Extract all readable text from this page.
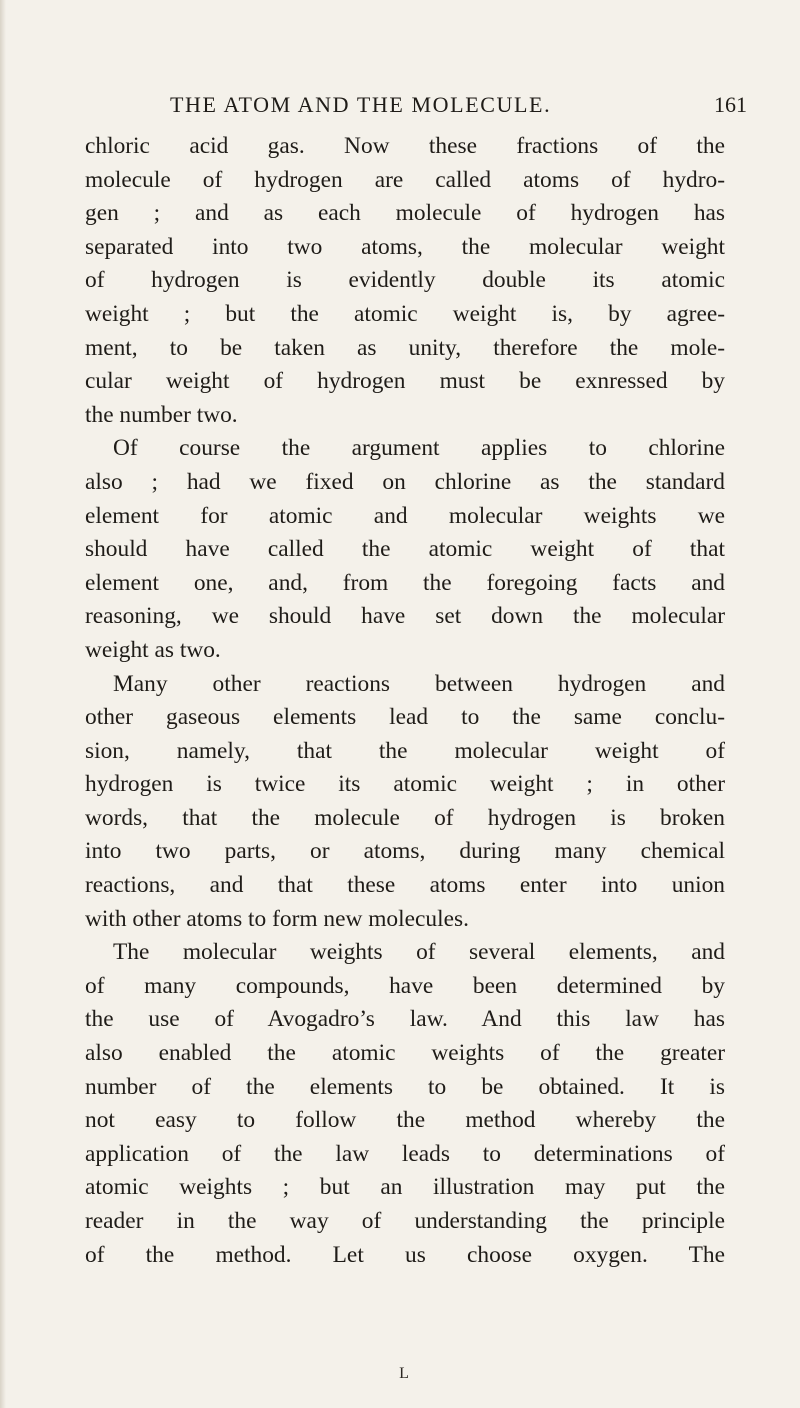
THE ATOM AND THE MOLECULE.	161
chloric acid gas. Now these fractions of the
molecule of hydrogen are called atoms of hydro-
gen ; and as each molecule of hydrogen has
separated into two atoms, the molecular weight
of hydrogen is evidently double its atomic
weight ; but the atomic weight is, by agree-
ment, to be taken as unity, therefore the mole-
cular weight of hydrogen must be exnressed by
the number two.
Of course the argument applies to chlorine
also ; had we fixed on chlorine as the standard
element for atomic and molecular weights we
should have called the atomic weight of that
element one, and, from the foregoing facts and
reasoning, we should have set down the molecular
weight as two.
Many other reactions between hydrogen and
other gaseous elements lead to the same conclu-
sion, namely, that the molecular weight of
hydrogen is twice its atomic weight ; in other
words, that the molecule of hydrogen is broken
into two parts, or atoms, during many chemical
reactions, and that these atoms enter into union
with other atoms to form new molecules.
The molecular weights of several elements, and
of many compounds, have been determined by
the use of Avogadro’s law. And this law has
also enabled the atomic weights of the greater
number of the elements to be obtained. It is
not easy to follow the method whereby the
application of the law leads to determinations of
atomic weights ; but an illustration may put the
reader in the way of understanding the principle
of the method. Let us choose oxygen. The
L
